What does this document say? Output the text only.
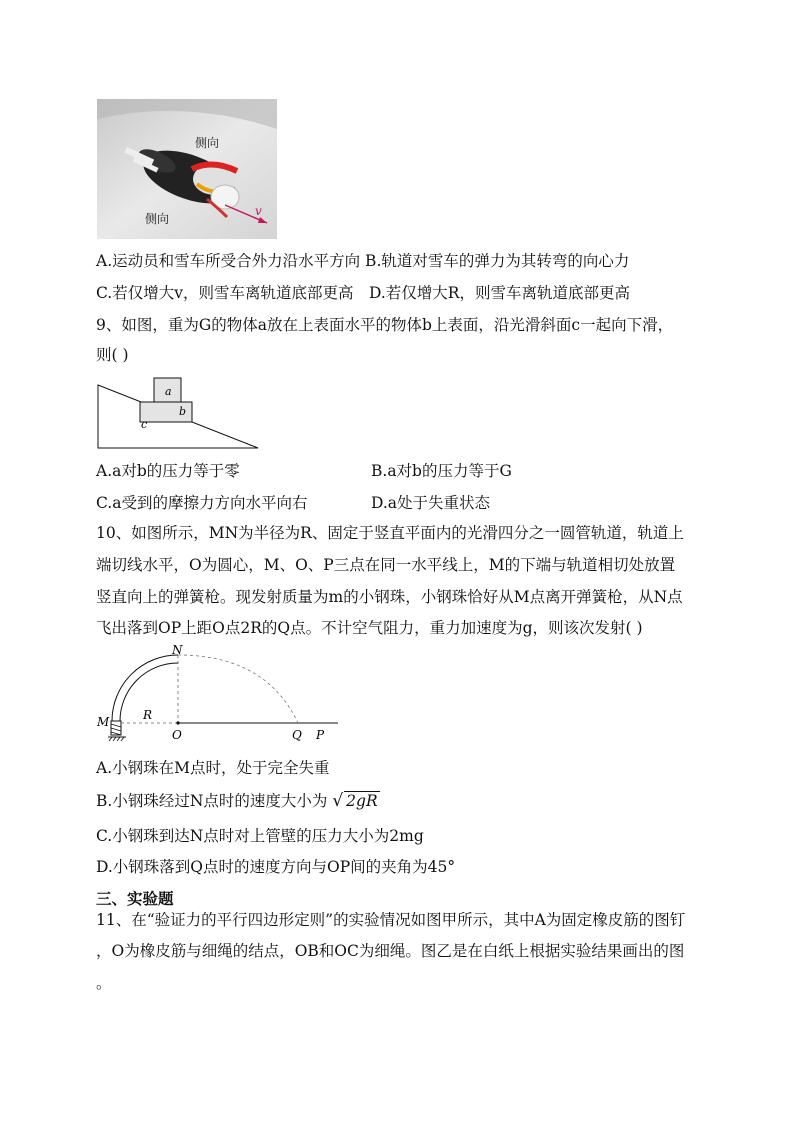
侧向
侧向
v
A.运动员和雪车所受合外力沿水平方向 B.轨道对雪车的弹力为其转弯的向心力
C.若仅增大v，则雪车离轨道底部更高　D.若仅增大R，则雪车离轨道底部更高
9、如图，重为G的物体a放在上表面水平的物体b上表面，沿光滑斜面c一起向下滑，
则( )
a
b
c
A.a对b的压力等于零	B.a对b的压力等于G
C.a受到的摩擦力方向水平向右	D.a处于失重状态
10、如图所示，MN为半径为R、固定于竖直平面内的光滑四分之一圆管轨道，轨道上
端切线水平，O为圆心，M、O、P三点在同一水平线上，M的下端与轨道相切处放置
竖直向上的弹簧枪。现发射质量为m的小钢珠，小钢珠恰好从M点离开弹簧枪，从N点
飞出落到OP上距O点2R的Q点。不计空气阻力，重力加速度为g，则该次发射( )
N
M	R
O	Q P
A.小钢珠在M点时，处于完全失重
B.小钢珠经过N点时的速度大小为 √ 2gR
C.小钢珠到达N点时对上管壁的压力大小为2mg
D.小钢珠落到Q点时的速度方向与OP间的夹角为45°
三、实验题
11、在“验证力的平行四边形定则”的实验情况如图甲所示，其中A为固定橡皮筋的图钉
，O为橡皮筋与细绳的结点，OB和OC为细绳。图乙是在白纸上根据实验结果画出的图
。
